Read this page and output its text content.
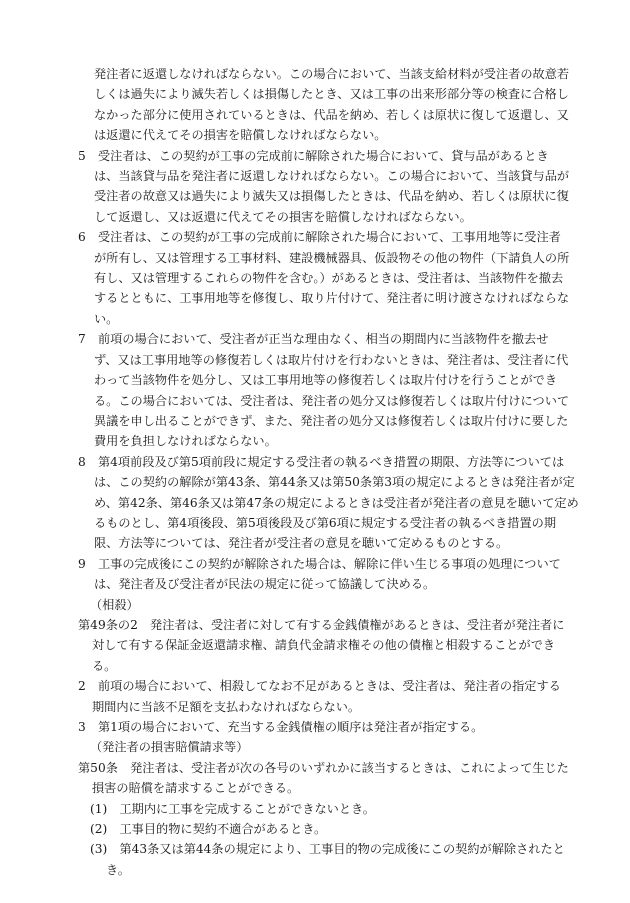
発注者に返還しなければならない。この場合において、当該支給材料が受注者の故意若
しくは過失により滅失若しくは損傷したとき、又は工事の出来形部分等の検査に合格し
なかった部分に使用されているときは、代品を納め、若しくは原状に復して返還し、又
は返還に代えてその損害を賠償しなければならない。
5　受注者は、この契約が工事の完成前に解除された場合において、貸与品があるとき
は、当該貸与品を発注者に返還しなければならない。この場合において、当該貸与品が
受注者の故意又は過失により滅失又は損傷したときは、代品を納め、若しくは原状に復
して返還し、又は返還に代えてその損害を賠償しなければならない。
6　受注者は、この契約が工事の完成前に解除された場合において、工事用地等に受注者
が所有し、又は管理する工事材料、建設機械器具、仮設物その他の物件（下請負人の所
有し、又は管理するこれらの物件を含む。）があるときは、受注者は、当該物件を撤去
するとともに、工事用地等を修復し、取り片付けて、発注者に明け渡さなければならな
い。
7　前項の場合において、受注者が正当な理由なく、相当の期間内に当該物件を撤去せ
ず、又は工事用地等の修復若しくは取片付けを行わないときは、発注者は、受注者に代
わって当該物件を処分し、又は工事用地等の修復若しくは取片付けを行うことができ
る。この場合においては、受注者は、発注者の処分又は修復若しくは取片付けについて
異議を申し出ることができず、また、発注者の処分又は修復若しくは取片付けに要した
費用を負担しなければならない。
8　第4項前段及び第5項前段に規定する受注者の執るべき措置の期限、方法等については
は、この契約の解除が第43条、第44条又は第50条第3項の規定によるときは発注者が定
め、第42条、第46条又は第47条の規定によるときは受注者が発注者の意見を聴いて定め
るものとし、第4項後段、第5項後段及び第6項に規定する受注者の執るべき措置の期
限、方法等については、発注者が受注者の意見を聴いて定めるものとする。
9　工事の完成後にこの契約が解除された場合は、解除に伴い生じる事項の処理について
は、発注者及び受注者が民法の規定に従って協議して決める。
（相殺）
第49条の2　発注者は、受注者に対して有する金銭債権があるときは、受注者が発注者に
対して有する保証金返還請求権、請負代金請求権その他の債権と相殺することができ
る。
2　前項の場合において、相殺してなお不足があるときは、受注者は、発注者の指定する
期間内に当該不足額を支払わなければならない。
3　第1項の場合において、充当する金銭債権の順序は発注者が指定する。
（発注者の損害賠償請求等）
第50条　発注者は、受注者が次の各号のいずれかに該当するときは、これによって生じた
損害の賠償を請求することができる。
(1)　工期内に工事を完成することができないとき。
(2)　工事目的物に契約不適合があるとき。
(3)　第43条又は第44条の規定により、工事目的物の完成後にこの契約が解除されたと
き。
